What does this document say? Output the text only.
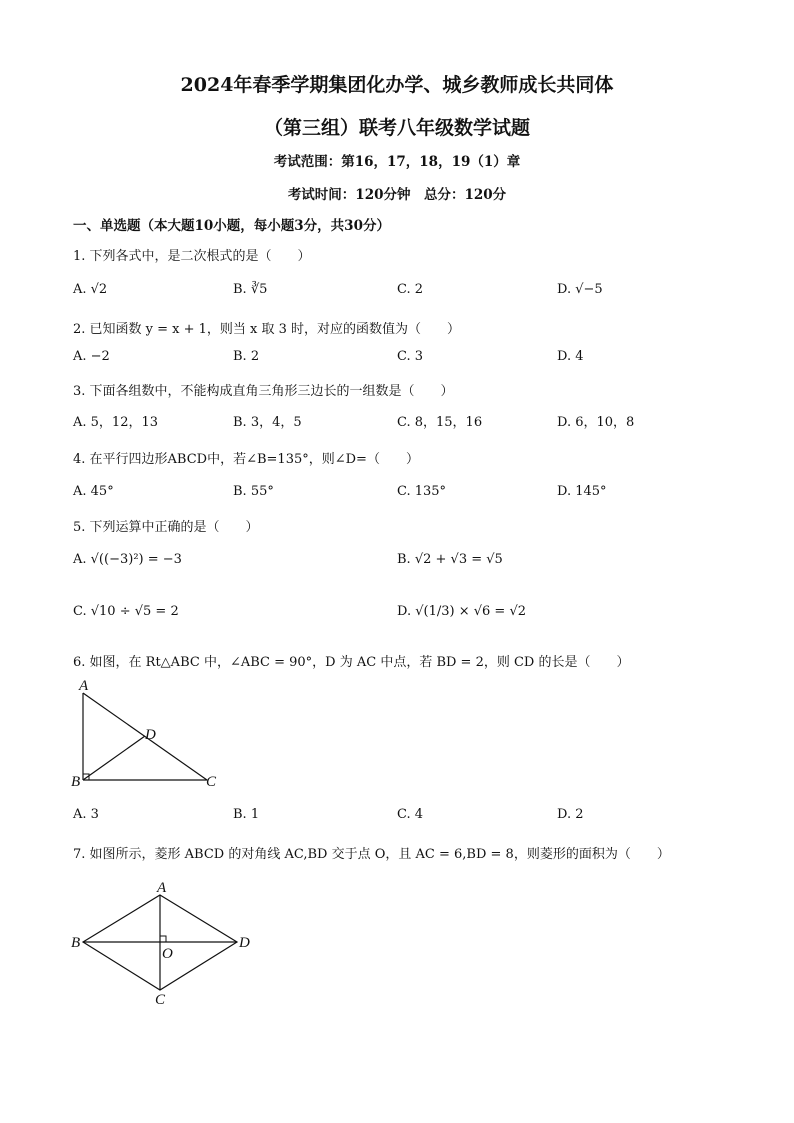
2024年春季学期集团化办学、城乡教师成长共同体
（第三组）联考八年级数学试题
考试范围：第16，17，18，19（1）章
考试时间：120分钟　总分：120分
一、单选题（本大题10小题，每小题3分，共30分）
1. 下列各式中，是二次根式的是（　　）
A. √2	B. ∛5	C. 2	D. √−5
2. 已知函数 y = x + 1，则当 x 取 3 时，对应的函数值为（　　）
A. −2	B. 2	C. 3	D. 4
3. 下面各组数中，不能构成直角三角形三边长的一组数是（　　）
A. 5，12，13	B. 3，4，5	C. 8，15，16	D. 6，10，8
4. 在平行四边形ABCD中，若∠B=135°，则∠D=（　　）
A. 45°	B. 55°	C. 135°	D. 145°
5. 下列运算中正确的是（　　）
A. √((−3)²) = −3	B. √2 + √3 = √5
C. √10 ÷ √5 = 2	D. √(1/3) × √6 = √2
6. 如图，在 Rt△ABC 中，∠ABC = 90°，D 为 AC 中点，若 BD = 2，则 CD 的长是（　　）
A
B	C
D
A. 3	B. 1	C. 4	D. 2
7. 如图所示，菱形 ABCD 的对角线 AC,BD 交于点 O，且 AC = 6,BD = 8，则菱形的面积为（　　）
A
B
C
D
O
